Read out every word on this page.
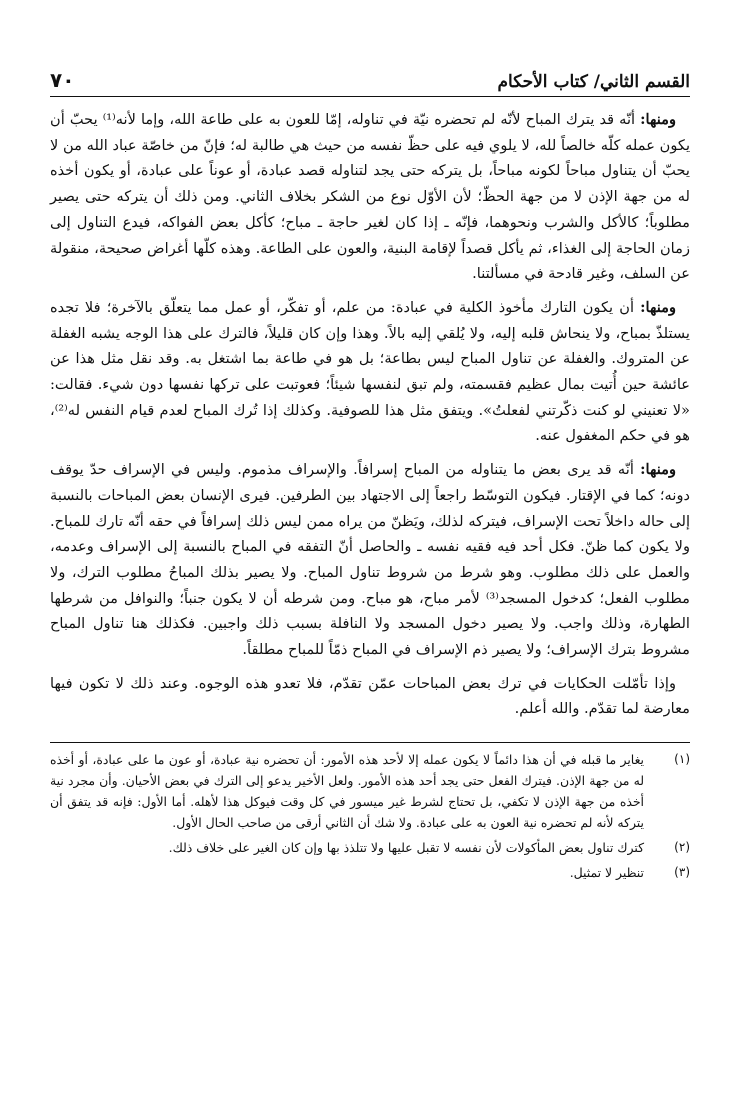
القسم الثاني/ كتاب الأحكام
٧٠

ومنها: أنّه قد يترك المباح لأنّه لم تحضره نيّة في تناوله، إمّا للعون به على طاعة الله، وإما لأنه⁽¹⁾ يحبّ أن يكون عمله كلّه خالصاً لله، لا يلوي فيه على حظّ نفسه من حيث هي طالبة له؛ فإنّ من خاصّة عباد الله من لا يحبّ أن يتناول مباحاً لكونه مباحاً، بل يتركه حتى يجد لتناوله قصد عبادة، أو عوناً على عبادة، أو يكون أخذه له من جهة الإذن لا من جهة الحظّ؛ لأن الأوّل نوع من الشكر بخلاف الثاني. ومن ذلك أن يتركه حتى يصير مطلوباً؛ كالأكل والشرب ونحوهما، فإنّه ـ إذا كان لغير حاجة ـ مباح؛ كأكل بعض الفواكه، فيدع التناول إلى زمان الحاجة إلى الغذاء، ثم يأكل قصداً لإقامة البنية، والعون على الطاعة. وهذه كلّها أغراض صحيحة، منقولة عن السلف، وغير قادحة في مسألتنا.

ومنها: أن يكون التارك مأخوذ الكلية في عبادة: من علم، أو تفكّر، أو عمل مما يتعلّق بالآخرة؛ فلا تجده يستلذّ بمباح، ولا ينحاش قلبه إليه، ولا يُلقي إليه بالاً. وهذا وإن كان قليلاً، فالترك على هذا الوجه يشبه الغفلة عن المتروك. والغفلة عن تناول المباح ليس بطاعة؛ بل هو في طاعة بما اشتغل به. وقد نقل مثل هذا عن عائشة حين أُتيت بمال عظيم فقسمته، ولم تبق لنفسها شيئاً؛ فعوتبت على تركها نفسها دون شيء. فقالت: «لا تعنيني لو كنت ذكّرتني لفعلتُ». ويتفق مثل هذا للصوفية. وكذلك إذا تُرك المباح لعدم قيام النفس له⁽²⁾، هو في حكم المغفول عنه.

ومنها: أنّه قد يرى بعض ما يتناوله من المباح إسرافاً. والإسراف مذموم. وليس في الإسراف حدّ يوقف دونه؛ كما في الإقتار. فيكون التوسّط راجعاً إلى الاجتهاد بين الطرفين. فيرى الإنسان بعض المباحات بالنسبة إلى حاله داخلاً تحت الإسراف، فيتركه لذلك، ويَظنّ من يراه ممن ليس ذلك إسرافاً في حقه أنّه تارك للمباح. ولا يكون كما ظنّ. فكل أحد فيه فقيه نفسه ـ والحاصل أنّ التفقه في المباح بالنسبة إلى الإسراف وعدمه، والعمل على ذلك مطلوب. وهو شرط من شروط تناول المباح. ولا يصير بذلك المباحُ مطلوب الترك، ولا مطلوب الفعل؛ كدخول المسجد⁽³⁾ لأمر مباح، هو مباح. ومن شرطه أن لا يكون جنباً؛ والنوافل من شرطها الطهارة، وذلك واجب. ولا يصير دخول المسجد ولا النافلة بسبب ذلك واجبين. فكذلك هنا تناول المباح مشروط بترك الإسراف؛ ولا يصير ذم الإسراف في المباح ذمّاً للمباح مطلقاً.

وإذا تأمّلت الحكايات في ترك بعض المباحات عمّن تقدّم، فلا تعدو هذه الوجوه. وعند ذلك لا تكون فيها معارضة لما تقدّم. والله أعلم.

(١)
يغاير ما قبله في أن هذا دائماً لا يكون عمله إلا لأحد هذه الأمور: أن تحضره نية عبادة، أو عون ما على عبادة، أو أخذه له من جهة الإذن. فيترك الفعل حتى يجد أحد هذه الأمور. ولعل الأخير يدعو إلى الترك في بعض الأحيان. وأن مجرد نية أخذه من جهة الإذن لا تكفي، بل تحتاج لشرط غير ميسور في كل وقت فيوكل هذا لأهله. أما الأول: فإنه قد يتفق أن يتركه لأنه لم تحضره نية العون به على عبادة. ولا شك أن الثاني أرقى من صاحب الحال الأول.
(٢)
كترك تناول بعض المأكولات لأن نفسه لا تقبل عليها ولا تتلذذ بها وإن كان الغير على خلاف ذلك.
(٣)
تنظير لا تمثيل.
